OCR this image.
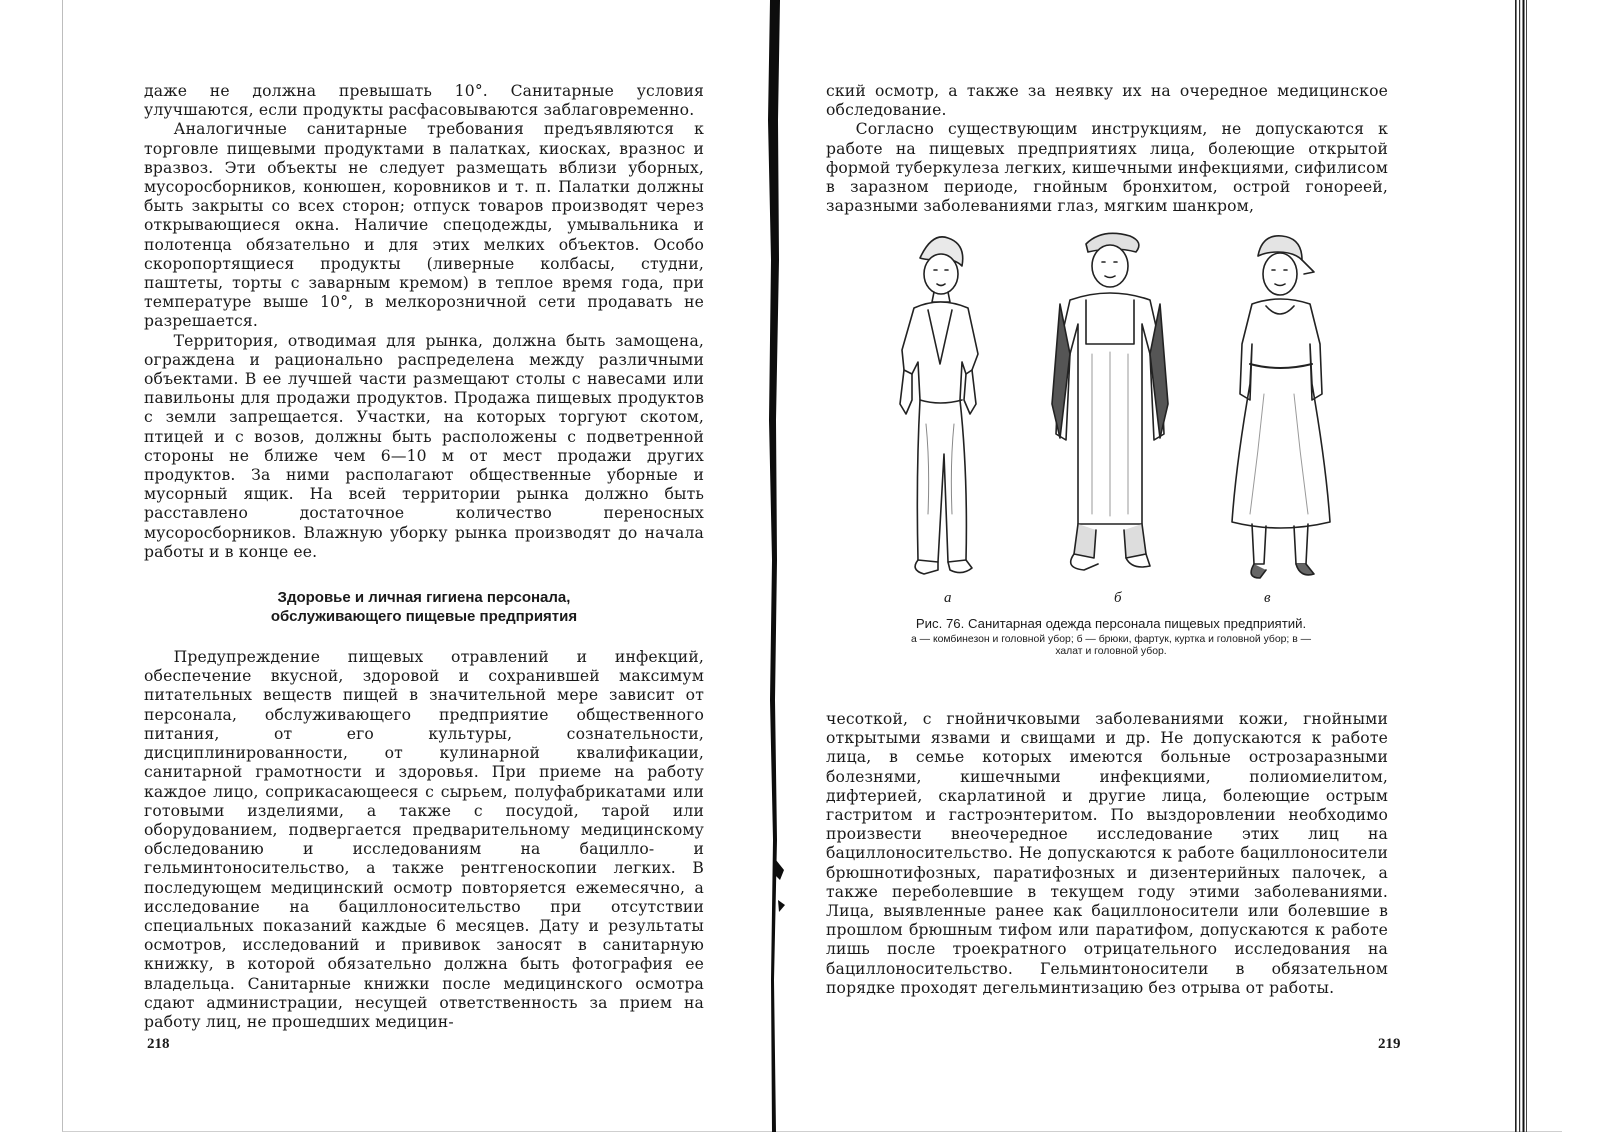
даже не должна превышать 10°. Санитарные условия улучшаются, если продукты расфасовываются заблаговременно.

Аналогичные санитарные требования предъявляются к торговле пищевыми продуктами в палатках, киосках, вразнос и вразвоз. Эти объекты не следует размещать вблизи уборных, мусоросборников, конюшен, коровников и т. п. Палатки должны быть закрыты со всех сторон; отпуск товаров производят через открывающиеся окна. Наличие спецодежды, умывальника и полотенца обязательно и для этих мелких объектов. Особо скоропортящиеся продукты (ливерные колбасы, студни, паштеты, торты с заварным кремом) в теплое время года, при температуре выше 10°, в мелкорозничной сети продавать не разрешается.

Территория, отводимая для рынка, должна быть замощена, ограждена и рационально распределена между различными объектами. В ее лучшей части размещают столы с навесами или павильоны для продажи продуктов. Продажа пищевых продуктов с земли запрещается. Участки, на которых торгуют скотом, птицей и с возов, должны быть расположены с подветренной стороны не ближе чем 6—10 м от мест продажи других продуктов. За ними располагают общественные уборные и мусорный ящик. На всей территории рынка должно быть расставлено достаточное количество переносных мусоросборников. Влажную уборку рынка производят до начала работы и в конце ее.

Здоровье и личная гигиена персонала,
обслуживающего пищевые предприятия

Предупреждение пищевых отравлений и инфекций, обеспечение вкусной, здоровой и сохранившей максимум питательных веществ пищей в значительной мере зависит от персонала, обслуживающего предприятие общественного питания, от его культуры, сознательности, дисциплинированности, от кулинарной квалификации, санитарной грамотности и здоровья. При приеме на работу каждое лицо, соприкасающееся с сырьем, полуфабрикатами или готовыми изделиями, а также с посудой, тарой или оборудованием, подвергается предварительному медицинскому обследованию и исследованиям на бацилло- и гельминтоносительство, а также рентгеноскопии легких. В последующем медицинский осмотр повторяется ежемесячно, а исследование на бациллоносительство при отсутствии специальных показаний каждые 6 месяцев. Дату и результаты осмотров, исследований и прививок заносят в санитарную книжку, в которой обязательно должна быть фотография ее владельца. Санитарные книжки после медицинского осмотра сдают администрации, несущей ответственность за прием на работу лиц, не прошедших медицин-

218

ский осмотр, а также за неявку их на очередное медицинское обследование.

Согласно существующим инструкциям, не допускаются к работе на пищевых предприятиях лица, болеющие открытой формой туберкулеза легких, кишечными инфекциями, сифилисом в заразном периоде, гнойным бронхитом, острой гонореей, заразными заболеваниями глаз, мягким шанкром,

а	б	в
Рис. 76. Санитарная одежда персонала пищевых предприятий.
а — комбинезон и головной убор; б — брюки, фартук, куртка и головной убор; в — халат и головной убор.

чесоткой, с гнойничковыми заболеваниями кожи, гнойными открытыми язвами и свищами и др. Не допускаются к работе лица, в семье которых имеются больные острозаразными болезнями, кишечными инфекциями, полиомиелитом, дифтерией, скарлатиной и другие лица, болеющие острым гастритом и гастроэнтеритом. По выздоровлении необходимо произвести внеочередное исследование этих лиц на бациллоносительство. Не допускаются к работе бациллоносители брюшнотифозных, паратифозных и дизентерийных палочек, а также переболевшие в текущем году этими заболеваниями. Лица, выявленные ранее как бациллоносители или болевшие в прошлом брюшным тифом или паратифом, допускаются к работе лишь после троекратного отрицательного исследования на бациллоносительство. Гельминтоносители в обязательном порядке проходят дегельминтизацию без отрыва от работы.

219
